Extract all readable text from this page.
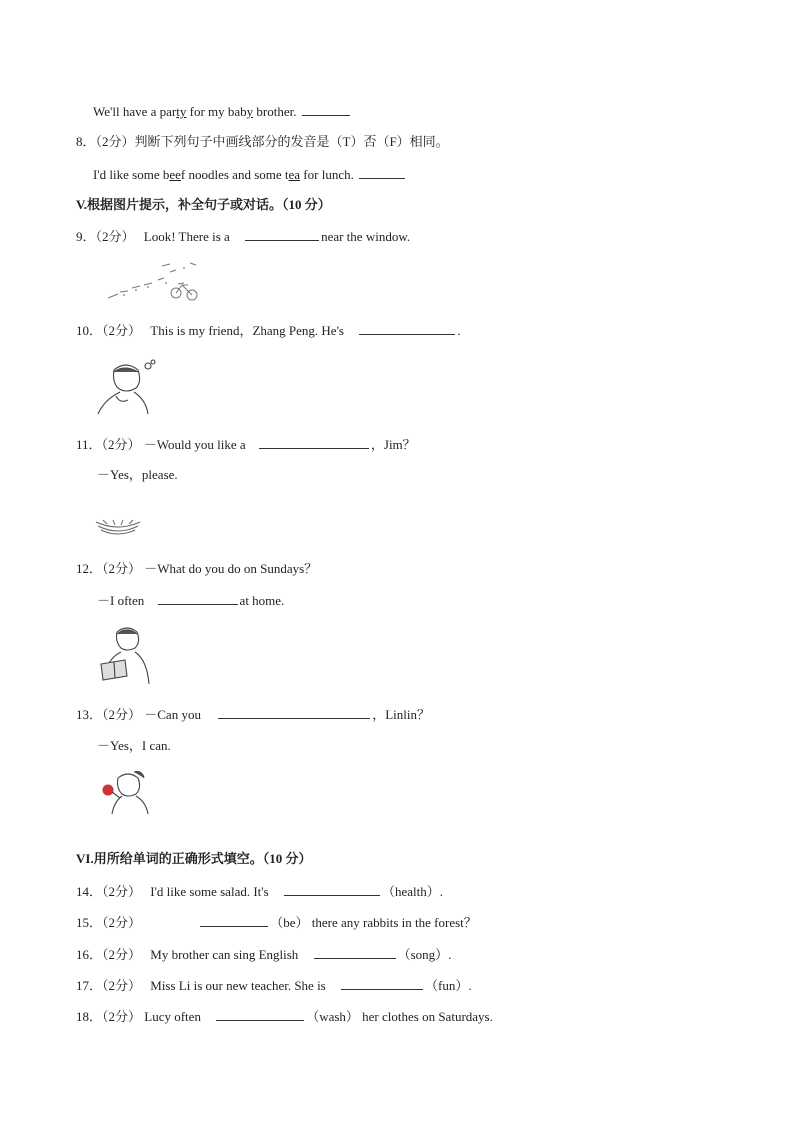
We'll have a party for my baby brother.
8．（2分）判断下列句子中画线部分的发音是（T）否（F）相同。
I'd like some beef noodles and some tea for lunch.
V.根据图片提示，补全句子或对话。（10 分）
9．（2分） Look! There is a	near the window.
10．（2分） This is my friend，Zhang Peng. He's	.
11．（2分） －Would you like a	，Jim？
－Yes，please.
12．（2分） －What do you do on Sundays？
－I often	at home.
13．（2分） －Can you	，Linlin？
－Yes，I can.
VI.用所给单词的正确形式填空。（10 分）
14．（2分） I'd like some salad. It's	（health）.
15．（2分）	（be） there any rabbits in the forest？
16．（2分） My brother can sing English	（song）.
17．（2分） Miss Li is our new teacher. She is	（fun）.
18．（2分） Lucy often	（wash） her clothes on Saturdays.
